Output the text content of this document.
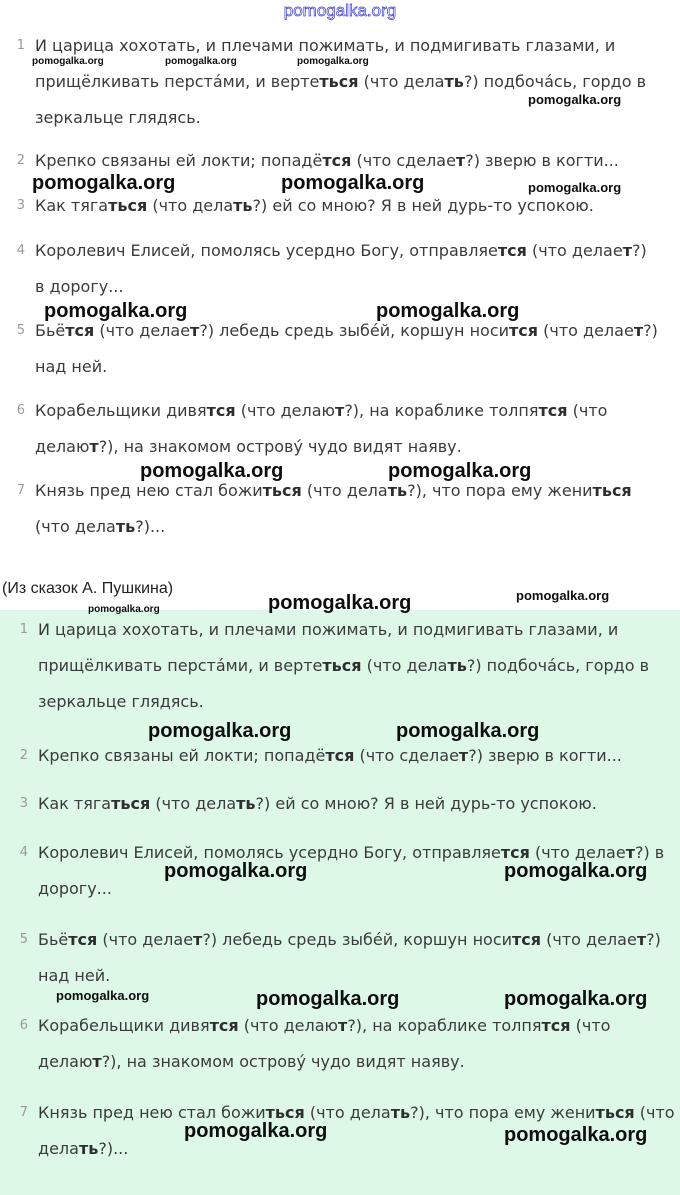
pomogalka.org
1 И царица хохотать, и плечами пожимать, и подмигивать глазами, и прищёлкивать перстáми, и вертеться (что делать?) подбочáсь, гордо в зеркальце глядясь.
2 Крепко связаны ей локти; попадётся (что сделает?) зверю в когти...
3 Как тягаться (что делать?) ей со мною? Я в ней дурь-то успокою.
4 Королевич Елисей, помолясь усердно Богу, отправляется (что делает?) в дорогу...
5 Бьётся (что делает?) лебедь средь зыбéй, коршун носится (что делает?) над ней.
6 Корабельщики дивятся (что делают?), на кораблике толпятся (что делают?), на знакомом островý чудо видят наяву.
7 Князь пред нею стал божиться (что делать?), что пора ему жениться (что делать?)...
(Из сказок А. Пушкина)
1 И царица хохотать, и плечами пожимать, и подмигивать глазами, и прищёлкивать перстáми, и вертеться (что делать?) подбочáсь, гордо в зеркальце глядясь.
2 Крепко связаны ей локти; попадётся (что сделает?) зверю в когти...
3 Как тягаться (что делать?) ей со мною? Я в ней дурь-то успокою.
4 Королевич Елисей, помолясь усердно Богу, отправляется (что делает?) в дорогу...
5 Бьётся (что делает?) лебедь средь зыбéй, коршун носится (что делает?) над ней.
6 Корабельщики дивятся (что делают?), на кораблике толпятся (что делают?), на знакомом островý чудо видят наяву.
7 Князь пред нею стал божиться (что делать?), что пора ему жениться (что делать?)...
pomogalka.org	pomogalka.org	pomogalka.org
pomogalka.org
pomogalka.org	pomogalka.org	pomogalka.org
pomogalka.org	pomogalka.org
pomogalka.org	pomogalka.org
pomogalka.org
pomogalka.org	pomogalka.org
pomogalka.org	pomogalka.org
pomogalka.org	pomogalka.org
pomogalka.org	pomogalka.org	pomogalka.org
pomogalka.org	pomogalka.org
